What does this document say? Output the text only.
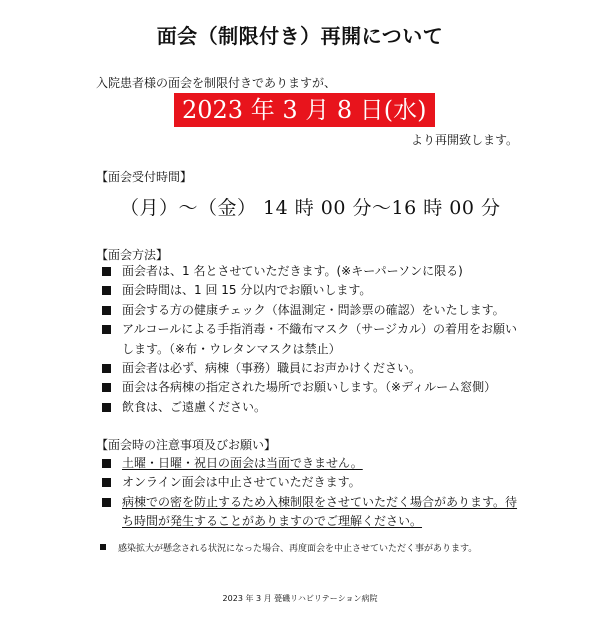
面会（制限付き）再開について
入院患者様の面会を制限付きでありますが、
2023 年 3 月 8 日(水)
より再開致します。
【面会受付時間】
（月）～（金） 14 時 00 分～16 時 00 分
【面会方法】
面会者は、1 名とさせていただきます。(※キーパーソンに限る)
面会時間は、1 回 15 分以内でお願いします。
面会する方の健康チェック（体温測定・問診票の確認）をいたします。
アルコールによる手指消毒・不織布マスク（サージカル）の着用をお願いします。（※布・ウレタンマスクは禁止）
面会者は必ず、病棟（事務）職員にお声かけください。
面会は各病棟の指定された場所でお願いします。（※ディルーム窓側）
飲食は、ご遠慮ください。
【面会時の注意事項及びお願い】
土曜・日曜・祝日の面会は当面できません。
オンライン面会は中止させていただきます。
病棟での密を防止するため入棟制限をさせていただく場合があります。待ち時間が発生することがありますのでご理解ください。
感染拡大が懸念される状況になった場合、再度面会を中止させていただく事があります。
2023 年 3 月 甍磯リハビリテーション病院
